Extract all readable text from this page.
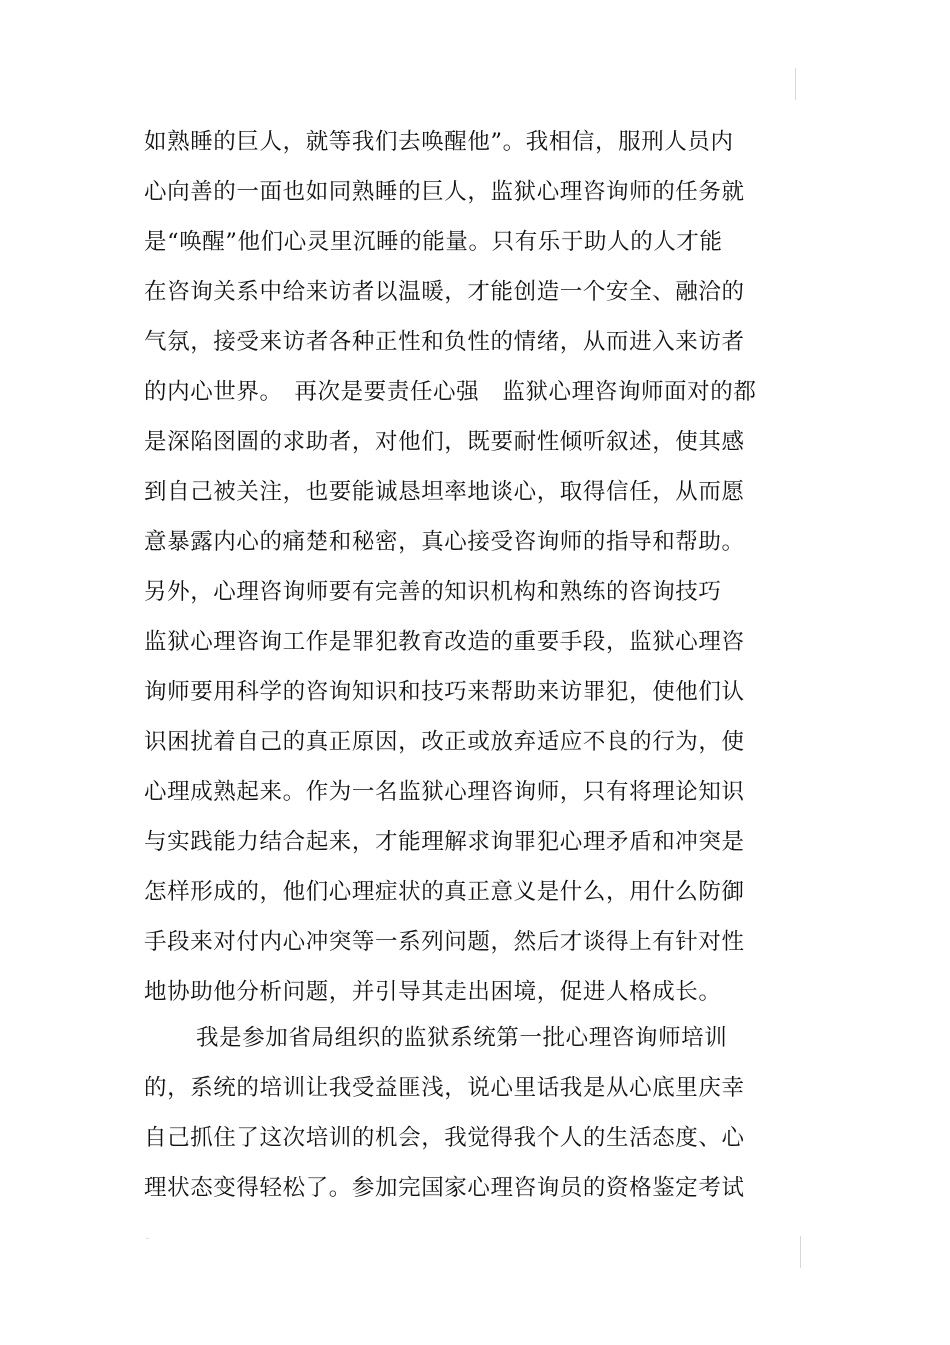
如熟睡的巨人，就等我们去唤醒他”。我相信，服刑人员内
心向善的一面也如同熟睡的巨人，监狱心理咨询师的任务就
是“唤醒”他们心灵里沉睡的能量。只有乐于助人的人才能
在咨询关系中给来访者以温暖，才能创造一个安全、融洽的
气氛，接受来访者各种正性和负性的情绪，从而进入来访者
的内心世界。　再次是要责任心强　监狱心理咨询师面对的都
是深陷囹圄的求助者，对他们，既要耐性倾听叙述，使其感
到自己被关注，也要能诚恳坦率地谈心，取得信任，从而愿
意暴露内心的痛楚和秘密，真心接受咨询师的指导和帮助。
另外，心理咨询师要有完善的知识机构和熟练的咨询技巧
监狱心理咨询工作是罪犯教育改造的重要手段，监狱心理咨
询师要用科学的咨询知识和技巧来帮助来访罪犯，使他们认
识困扰着自己的真正原因，改正或放弃适应不良的行为，使
心理成熟起来。作为一名监狱心理咨询师，只有将理论知识
与实践能力结合起来，才能理解求询罪犯心理矛盾和冲突是
怎样形成的，他们心理症状的真正意义是什么，用什么防御
手段来对付内心冲突等一系列问题，然后才谈得上有针对性
地协助他分析问题，并引导其走出困境，促进人格成长。
我是参加省局组织的监狱系统第一批心理咨询师培训
的，系统的培训让我受益匪浅，说心里话我是从心底里庆幸
自己抓住了这次培训的机会，我觉得我个人的生活态度、心
理状态变得轻松了。参加完国家心理咨询员的资格鉴定考试
